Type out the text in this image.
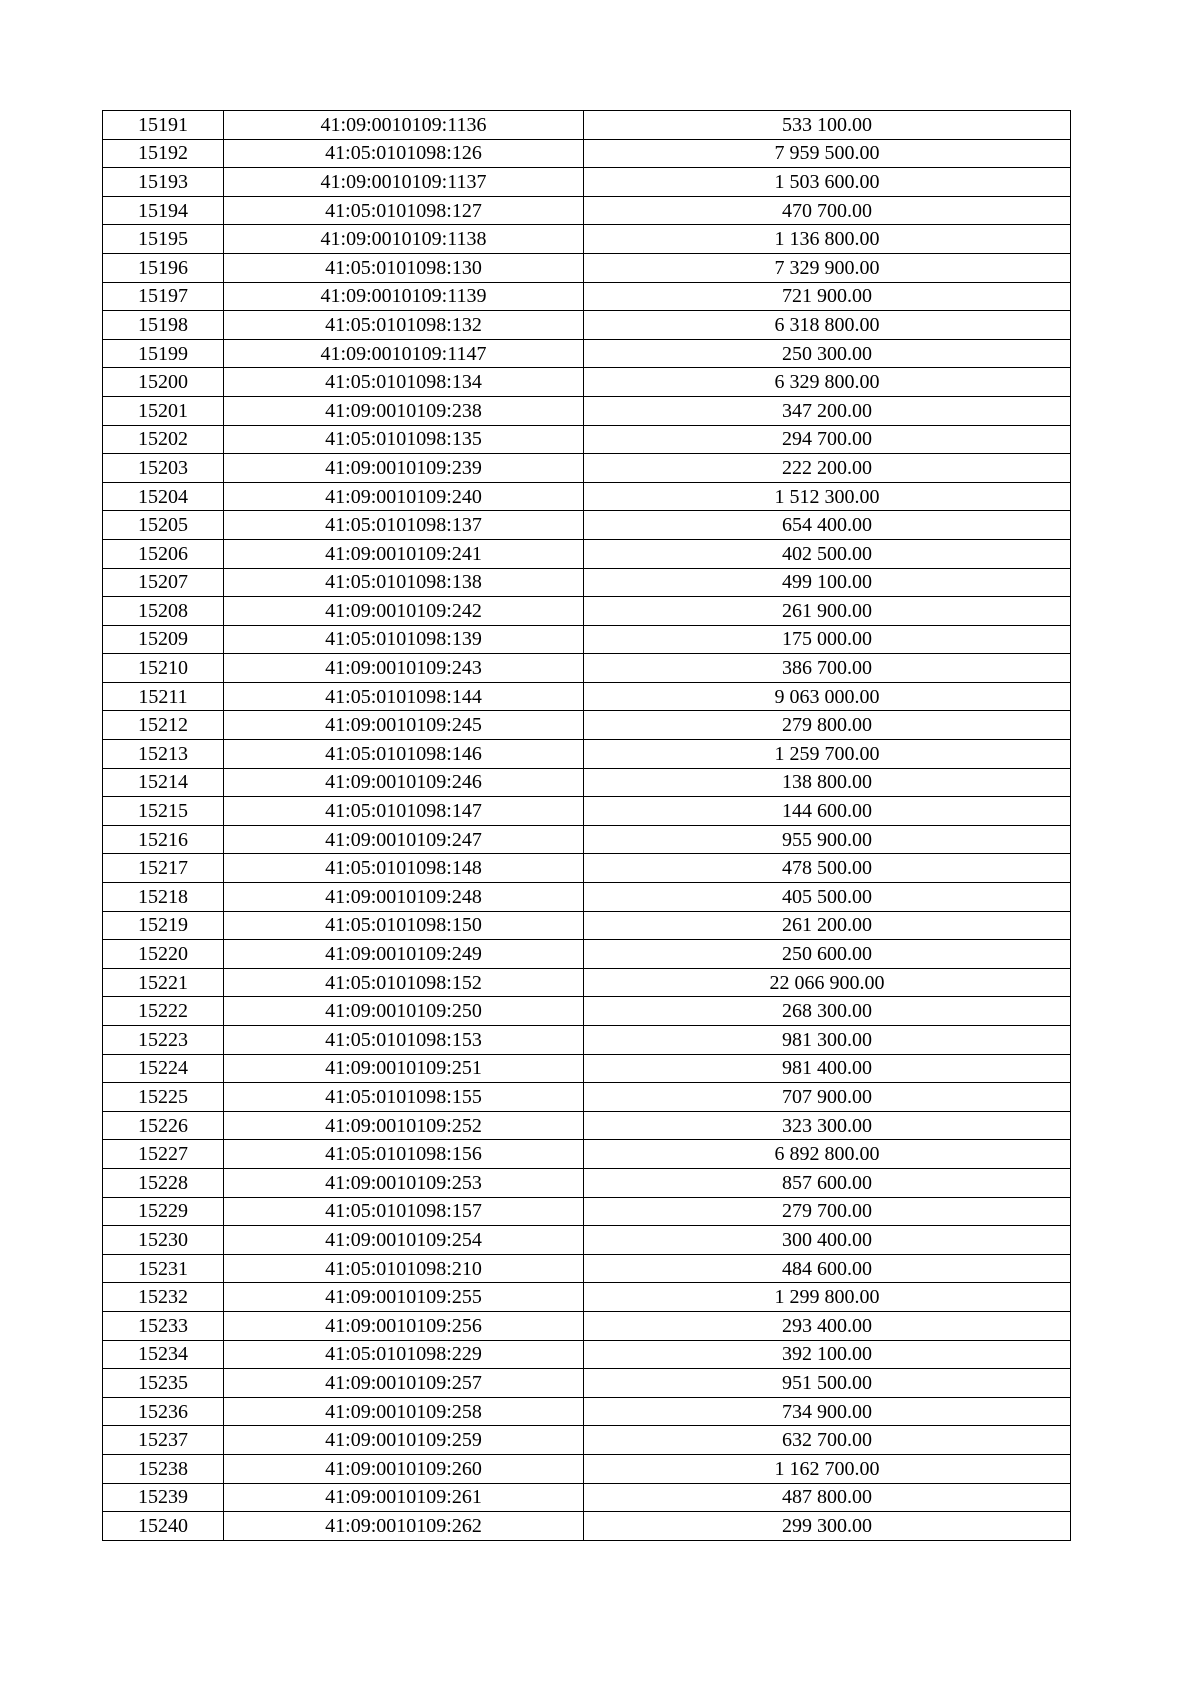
15191	41:09:0010109:1136	533 100.00
15192	41:05:0101098:126	7 959 500.00
15193	41:09:0010109:1137	1 503 600.00
15194	41:05:0101098:127	470 700.00
15195	41:09:0010109:1138	1 136 800.00
15196	41:05:0101098:130	7 329 900.00
15197	41:09:0010109:1139	721 900.00
15198	41:05:0101098:132	6 318 800.00
15199	41:09:0010109:1147	250 300.00
15200	41:05:0101098:134	6 329 800.00
15201	41:09:0010109:238	347 200.00
15202	41:05:0101098:135	294 700.00
15203	41:09:0010109:239	222 200.00
15204	41:09:0010109:240	1 512 300.00
15205	41:05:0101098:137	654 400.00
15206	41:09:0010109:241	402 500.00
15207	41:05:0101098:138	499 100.00
15208	41:09:0010109:242	261 900.00
15209	41:05:0101098:139	175 000.00
15210	41:09:0010109:243	386 700.00
15211	41:05:0101098:144	9 063 000.00
15212	41:09:0010109:245	279 800.00
15213	41:05:0101098:146	1 259 700.00
15214	41:09:0010109:246	138 800.00
15215	41:05:0101098:147	144 600.00
15216	41:09:0010109:247	955 900.00
15217	41:05:0101098:148	478 500.00
15218	41:09:0010109:248	405 500.00
15219	41:05:0101098:150	261 200.00
15220	41:09:0010109:249	250 600.00
15221	41:05:0101098:152	22 066 900.00
15222	41:09:0010109:250	268 300.00
15223	41:05:0101098:153	981 300.00
15224	41:09:0010109:251	981 400.00
15225	41:05:0101098:155	707 900.00
15226	41:09:0010109:252	323 300.00
15227	41:05:0101098:156	6 892 800.00
15228	41:09:0010109:253	857 600.00
15229	41:05:0101098:157	279 700.00
15230	41:09:0010109:254	300 400.00
15231	41:05:0101098:210	484 600.00
15232	41:09:0010109:255	1 299 800.00
15233	41:09:0010109:256	293 400.00
15234	41:05:0101098:229	392 100.00
15235	41:09:0010109:257	951 500.00
15236	41:09:0010109:258	734 900.00
15237	41:09:0010109:259	632 700.00
15238	41:09:0010109:260	1 162 700.00
15239	41:09:0010109:261	487 800.00
15240	41:09:0010109:262	299 300.00
